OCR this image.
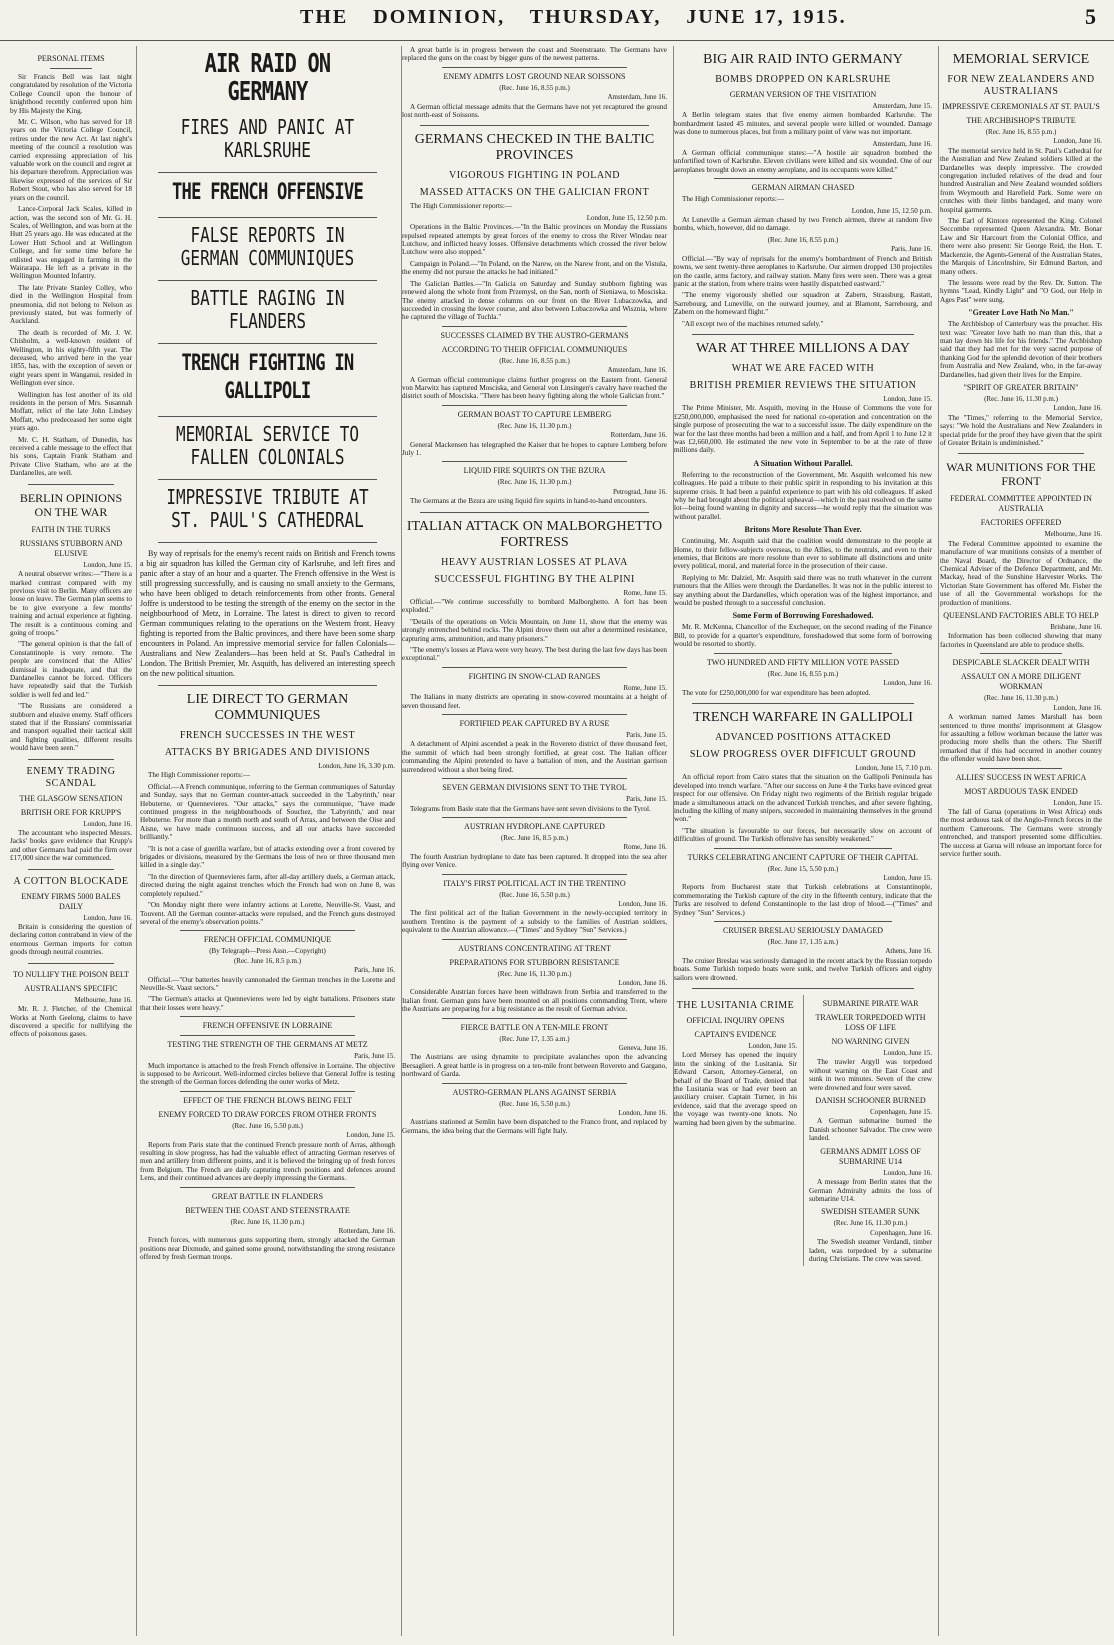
THE DOMINION, THURSDAY, JUNE 17, 1915.	5
PERSONAL ITEMS

Sir Francis Bell was last night congratulated by resolution of the Victoria College Council upon the honour of knighthood recently conferred upon him by His Majesty the King.

Mr. C. Wilson, who has served for 18 years on the Victoria College Council, retires under the new Act. At last night's meeting of the council a resolution was carried expressing appreciation of his valuable work on the council and regret at his departure therefrom. Appreciation was likewise expressed of the services of Sir Robert Stout, who has also served for 18 years on the council.

Lance-Corporal Jack Scales, killed in action, was the second son of Mr. G. H. Scales, of Wellington, and was born at the Hutt 25 years ago. He was educated at the Lower Hutt School and at Wellington College, and for some time before he enlisted was engaged in farming in the Wairarapa. He left as a private in the Wellington Mounted Infantry.

The late Private Stanley Colley, who died in the Wellington Hospital from pneumonia, did not belong to Nelson as previously stated, but was formerly of Auckland.

The death is recorded of Mr. J. W. Chisholm, a well-known resident of Wellington, in his eighty-fifth year. The deceased, who arrived here in the year 1855, has, with the exception of seven or eight years spent in Wanganui, resided in Wellington ever since.

Wellington has lost another of its old residents in the person of Mrs. Susannah Moffatt, relict of the late John Lindsey Moffatt, who predeceased her some eight years ago.

Mr. C. H. Statham, of Dunedin, has received a cable message to the effect that his sons, Captain Frank Statham and Private Clive Statham, who are at the Dardanelles, are well.

BERLIN OPINIONS ON THE WAR
FAITH IN THE TURKS
RUSSIANS STUBBORN AND ELUSIVE
London, June 15.

A neutral observer writes:—"There is a marked contrast compared with my previous visit to Berlin. Many officers are loose on leave. The German plan seems to be to give everyone a few months' training and actual experience at fighting. The result is a continuous coming and going of troops."

"The general opinion is that the fall of Constantinople is very remote. The people are convinced that the Allies' dismissal is inadequate, and that the Dardanelles cannot be forced. Officers have repeatedly said that the Turkish soldier is well fed and led."

"The Russians are considered a stubborn and elusive enemy. Staff officers stated that if the Russians' commissariat and transport equalled their tactical skill and fighting qualities, different results would have been seen."

ENEMY TRADING SCANDAL
THE GLASGOW SENSATION
BRITISH ORE FOR KRUPP'S
London, June 16.

The accountant who inspected Messrs. Jacks' books gave evidence that Krupp's and other Germans had paid the firm over £17,000 since the war commenced.

A COTTON BLOCKADE
ENEMY FIRMS 5000 BALES DAILY
London, June 16.

Britain is considering the question of declaring cotton contraband in view of the enormous German imports for cotton goods through neutral countries.

TO NULLIFY THE POISON BELT
AUSTRALIAN'S SPECIFIC
Melbourne, June 16.

Mr. R. J. Fletcher, of the Chemical Works at North Geelong, claims to have discovered a specific for nullifying the effects of poisonous gases.

AIR RAID ON GERMANY
FIRES AND PANIC AT KARLSRUHE
THE FRENCH OFFENSIVE
FALSE REPORTS IN GERMAN COMMUNIQUES
BATTLE RAGING IN FLANDERS
TRENCH FIGHTING IN GALLIPOLI
MEMORIAL SERVICE TO FALLEN COLONIALS
IMPRESSIVE TRIBUTE AT ST. PAUL'S CATHEDRAL

By way of reprisals for the enemy's recent raids on British and French towns a big air squadron has killed the German city of Karlsruhe, and left fires and panic after a stay of an hour and a quarter. The French offensive in the West is still progressing successfully, and is causing no small anxiety to the Germans, who have been obliged to detach reinforcements from other fronts. General Joffre is understood to be testing the strength of the enemy on the sector in the neighbourhood of Metz, in Lorraine. The latest is direct to given to record German communiques relating to the operations on the Western front. Heavy fighting is reported from the Baltic provinces, and there have been some sharp encounters in Poland. An impressive memorial service for fallen Colonials—Australians and New Zealanders—has been held at St. Paul's Cathedral in London. The British Premier, Mr. Asquith, has delivered an interesting speech on the new political situation.

LIE DIRECT TO GERMAN COMMUNIQUES
FRENCH SUCCESSES IN THE WEST
ATTACKS BY BRIGADES AND DIVISIONS
London, June 16, 3.30 p.m.

The High Commissioner reports:—

Official.—A French communique, referring to the German communiques of Saturday and Sunday, says that no German counter-attack succeeded in the 'Labyrinth,' near Hebuterne, or Quennevieres. "Our attacks," says the communique, "have made continued progress in the neighbourhoods of Souchez, the 'Labyrinth,' and near Hebuterne. For more than a month north and south of Arras, and between the Oise and Aisne, we have made continuous success, and all our attacks have succeeded brilliantly."

"It is not a case of guerilla warfare, but of attacks extending over a front covered by brigades or divisions, measured by the Germans the loss of two or three thousand men killed in a single day."

"In the direction of Quennevieres farm, after all-day artillery duels, a German attack, directed during the night against trenches which the French had won on June 8, was completely repulsed."

"On Monday night there were infantry actions at Lorette, Neuville-St. Vaast, and Touvent. All the German counter-attacks were repulsed, and the French guns destroyed several of the enemy's observation points."

FRENCH OFFICIAL COMMUNIQUE
(By Telegraph—Press Assn.—Copyright)
(Rec. June 16, 8.5 p.m.)
Paris, June 16.

Official.—"Our batteries heavily cannonaded the German trenches in the Lorette and Neuville-St. Vaast sectors."

"The German's attacks at Quennevieres were led by eight battalions. Prisoners state that their losses were heavy."

FRENCH OFFENSIVE IN LORRAINE
TESTING THE STRENGTH OF THE GERMANS AT METZ
Paris, June 15.

Much importance is attached to the fresh French offensive in Lorraine. The objective is supposed to be Avricourt. Well-informed circles believe that General Joffre is testing the strength of the German forces defending the outer works of Metz.

EFFECT OF THE FRENCH BLOWS BEING FELT
ENEMY FORCED TO DRAW FORCES FROM OTHER FRONTS
(Rec. June 16, 5.50 p.m.)
London, June 15.

Reports from Paris state that the continued French pressure north of Arras, although resulting in slow progress, has had the valuable effect of attracting German reserves of men and artillery from different points, and it is believed the bringing up of fresh forces from Belgium. The French are daily capturing trench positions and defences around Lens, and their continued advances are deeply impressing the Germans.

GREAT BATTLE IN FLANDERS
BETWEEN THE COAST AND STEENSTRAATE
(Rec. June 16, 11.30 p.m.)
Rotterdam, June 16.

French forces, with numerous guns supporting them, strongly attacked the German positions near Dixmude, and gained some ground, notwithstanding the strong resistance offered by fresh German troops.

A great battle is in progress between the coast and Steenstraate. The Germans have replaced the guns on the coast by bigger guns of the newest patterns.

ENEMY ADMITS LOST GROUND NEAR SOISSONS
(Rec. June 16, 8.55 p.m.)
Amsterdam, June 16.

A German official message admits that the Germans have not yet recaptured the ground lost north-east of Soissons.

GERMANS CHECKED IN THE BALTIC PROVINCES
VIGOROUS FIGHTING IN POLAND
MASSED ATTACKS ON THE GALICIAN FRONT

The High Commissioner reports:—

London, June 15, 12.50 p.m.

Operations in the Baltic Provinces.—"In the Baltic provinces on Monday the Russians repulsed repeated attempts by great forces of the enemy to cross the River Windau near Lutchow, and inflicted heavy losses. Offensive detachments which crossed the river below Lutchow were also stopped."

Campaign in Poland.—"In Poland, on the Narew, on the Narew front, and on the Vistula, the enemy did not pursue the attacks he had initiated."

The Galician Battles.—"In Galicia on Saturday and Sunday stubborn fighting was renewed along the whole front from Przemysl, on the San, north of Sieniawa, to Mosciska. The enemy attacked in dense columns on our front on the River Lubaczowka, and succeeded in crossing the lower course, and also between Lubaczowka and Wisznia, where he captured the village of Tuchla."

SUCCESSES CLAIMED BY THE AUSTRO-GERMANS
ACCORDING TO THEIR OFFICIAL COMMUNIQUES
(Rec. June 16, 8.55 p.m.)
Amsterdam, June 16.

A German official communique claims further progress on the Eastern front. General von Marwitz has captured Mosciska, and General von Linsingen's cavalry have reached the district south of Mosciska. "There has been heavy fighting along the whole Galician front."

GERMAN BOAST TO CAPTURE LEMBERG
(Rec. June 16, 11.30 p.m.)
Rotterdam, June 16.

General Mackensen has telegraphed the Kaiser that he hopes to capture Lemberg before July 1.

LIQUID FIRE SQUIRTS ON THE BZURA
(Rec. June 16, 11.30 p.m.)
Petrograd, June 16.

The Germans at the Bzura are using liquid fire squirts in hand-to-hand encounters.

ITALIAN ATTACK ON MALBORGHETTO FORTRESS
HEAVY AUSTRIAN LOSSES AT PLAVA
SUCCESSFUL FIGHTING BY THE ALPINI
Rome, June 15.

Official.—"We continue successfully to bombard Malborghetto. A fort has been exploded."

"Details of the operations on Velcis Mountain, on June 11, show that the enemy was strongly entrenched behind rocks. The Alpini drove them out after a determined resistance, capturing arms, ammunition, and many prisoners."

"The enemy's losses at Plava were very heavy. The best during the last few days has been exceptional."

FIGHTING IN SNOW-CLAD RANGES
Rome, June 15.

The Italians in many districts are operating in snow-covered mountains at a height of seven thousand feet.

FORTIFIED PEAK CAPTURED BY A RUSE
Paris, June 15.

A detachment of Alpini ascended a peak in the Rovereto district of three thousand feet, the summit of which had been strongly fortified, at great cost. The Italian officer commanding the Alpini pretended to have a battalion of men, and the Austrian garrison surrendered without a shot being fired.

SEVEN GERMAN DIVISIONS SENT TO THE TYROL
Paris, June 15.

Telegrams from Basle state that the Germans have sent seven divisions to the Tyrol.

AUSTRIAN HYDROPLANE CAPTURED
(Rec. June 16, 8.5 p.m.)
Rome, June 16.

The fourth Austrian hydroplane to date has been captured. It dropped into the sea after flying over Venice.

ITALY'S FIRST POLITICAL ACT IN THE TRENTINO
(Rec. June 16, 5.50 p.m.)
London, June 16.

The first political act of the Italian Government in the newly-occupied territory in southern Trentino is the payment of a subsidy to the families of Austrian soldiers, equivalent to the Austrian allowance.—("Times" and Sydney "Sun" Services.)

AUSTRIANS CONCENTRATING AT TRENT
PREPARATIONS FOR STUBBORN RESISTANCE
(Rec. June 16, 11.30 p.m.)
London, June 16.

Considerable Austrian forces have been withdrawn from Serbia and transferred to the Italian front. German guns have been mounted on all positions commanding Trent, where the Austrians are preparing for a big resistance as the result of German advice.

FIERCE BATTLE ON A TEN-MILE FRONT
(Rec. June 17, 1.35 a.m.)
Geneva, June 16.

The Austrians are using dynamite to precipitate avalanches upon the advancing Bersaglieri. A great battle is in progress on a ten-mile front between Rovereto and Gargano, northward of Garda.

AUSTRO-GERMAN PLANS AGAINST SERBIA
(Rec. June 16, 5.50 p.m.)
London, June 16.

Austrians stationed at Semlin have been dispatched to the Franco front, and replaced by Germans, the idea being that the Germans will fight Italy.

BIG AIR RAID INTO GERMANY
BOMBS DROPPED ON KARLSRUHE
GERMAN VERSION OF THE VISITATION
Amsterdam, June 15.

A Berlin telegram states that five enemy airmen bombarded Karlsruhe. The bombardment lasted 45 minutes, and several people were killed or wounded. Damage was done to numerous places, but from a military point of view was not important.

Amsterdam, June 16.

A German official communique states:—"A hostile air squadron bombed the unfortified town of Karlsruhe. Eleven civilians were killed and six wounded. One of our aeroplanes brought down an enemy aeroplane, and its occupants were killed."

GERMAN AIRMAN CHASED

The High Commissioner reports:—

London, June 15, 12.50 p.m.

At Luneville a German airman chased by two French airmen, threw at random five bombs, which, however, did no damage.

(Rec. June 16, 8.55 p.m.)
Paris, June 16.

Official.—"By way of reprisals for the enemy's bombardment of French and British towns, we sent twenty-three aeroplanes to Karlsruhe. Our airmen dropped 130 projectiles on the castle, arms factory, and railway station. Many fires were seen. There was a great panic at the station, from where trains were hastily dispatched eastward."

"The enemy vigorously shelled our squadron at Zabern, Strassburg, Rastatt, Sarrebourg, and Luneville, on the outward journey, and at Blamont, Sarrebourg, and Zabern on the homeward flight."

"All except two of the machines returned safely."

WAR AT THREE MILLIONS A DAY
WHAT WE ARE FACED WITH
BRITISH PREMIER REVIEWS THE SITUATION
London, June 15.

The Prime Minister, Mr. Asquith, moving in the House of Commons the vote for £250,000,000, emphasised the need for national co-operation and concentration on the single purpose of prosecuting the war to a successful issue. The daily expenditure on the war for the last three months had been a million and a half, and from April 1 to June 12 it was £2,660,000. He estimated the new vote in September to be at the rate of three millions daily.

A Situation Without Parallel.

Referring to the reconstruction of the Government, Mr. Asquith welcomed his new colleagues. He paid a tribute to their public spirit in responding to his invitation at this supreme crisis. It had been a painful experience to part with his old colleagues. If asked why he had brought about the political upheaval—which in the past resolved on the same lot—being found wanting in dignity and success—he would reply that the situation was without parallel.

Britons More Resolute Than Ever.

Continuing, Mr. Asquith said that the coalition would demonstrate to the people at Home, to their fellow-subjects overseas, to the Allies, to the neutrals, and even to their enemies, that Britons are more resolute than ever to sublimate all distinctions and unite every political, moral, and material force in the prosecution of their cause.

Replying to Mr. Dalziel, Mr. Asquith said there was no truth whatever in the current rumours that the Allies were through the Dardanelles. It was not in the public interest to say anything about the Dardanelles, which operation was of the highest importance, and would be pushed through to a successful conclusion.

Some Form of Borrowing Foreshadowed.

Mr. R. McKenna, Chancellor of the Exchequer, on the second reading of the Finance Bill, to provide for a quarter's expenditure, foreshadowed that some form of borrowing would be resorted to shortly.

TWO HUNDRED AND FIFTY MILLION VOTE PASSED
(Rec. June 16, 8.55 p.m.)
London, June 16.

The vote for £250,000,000 for war expenditure has been adopted.

TRENCH WARFARE IN GALLIPOLI
ADVANCED POSITIONS ATTACKED
SLOW PROGRESS OVER DIFFICULT GROUND
London, June 15, 7.10 p.m.

An official report from Cairo states that the situation on the Gallipoli Peninsula has developed into trench warfare. "After our success on June 4 the Turks have evinced great respect for our offensive. On Friday night two regiments of the British regular brigade made a simultaneous attack on the advanced Turkish trenches, and after severe fighting, including the killing of many snipers, succeeded in maintaining themselves in the ground won."

"The situation is favourable to our forces, but necessarily slow on account of difficulties of ground. The Turkish offensive has sensibly weakened."

TURKS CELEBRATING ANCIENT CAPTURE OF THEIR CAPITAL
(Rec. June 15, 5.50 p.m.)
London, June 15.

Reports from Bucharest state that Turkish celebrations at Constantinople, commemorating the Turkish capture of the city in the fifteenth century, indicate that the Turks are resolved to defend Constantinople to the last drop of blood.—("Times" and Sydney "Sun" Services.)

CRUISER BRESLAU SERIOUSLY DAMAGED
(Rec. June 17, 1.35 a.m.)
Athens, June 16.

The cruiser Breslau was seriously damaged in the recent attack by the Russian torpedo boats. Some Turkish torpedo boats were sunk, and twelve Turkish officers and eighty sailors were drowned.

THE LUSITANIA CRIME
OFFICIAL INQUIRY OPENS
CAPTAIN'S EVIDENCE
London, June 15.

Lord Mersey has opened the inquiry into the sinking of the Lusitania. Sir Edward Carson, Attorney-General, on behalf of the Board of Trade, denied that the Lusitania was or had ever been an auxiliary cruiser. Captain Turner, in his evidence, said that the average speed on the voyage was twenty-one knots. No warning had been given by the submarine.

SUBMARINE PIRATE WAR
TRAWLER TORPEDOED WITH LOSS OF LIFE
NO WARNING GIVEN
London, June 15.

The trawler Argyll was torpedoed without warning on the East Coast and sunk in two minutes. Seven of the crew were drowned and four were saved.

DANISH SCHOONER BURNED
Copenhagen, June 15.

A German submarine burned the Danish schooner Salvador. The crew were landed.

GERMANS ADMIT LOSS OF SUBMARINE U14
London, June 16.

A message from Berlin states that the German Admiralty admits the loss of submarine U14.

SWEDISH STEAMER SUNK
(Rec. June 16, 11.30 p.m.)
Copenhagen, June 16.

The Swedish steamer Verdandi, timber laden, was torpedoed by a submarine during Christians. The crew was saved.

MEMORIAL SERVICE
FOR NEW ZEALANDERS AND AUSTRALIANS
IMPRESSIVE CEREMONIALS AT ST. PAUL'S
THE ARCHBISHOP'S TRIBUTE
(Rec. June 16, 8.55 p.m.)
London, June 16.

The memorial service held in St. Paul's Cathedral for the Australian and New Zealand soldiers killed at the Dardanelles was deeply impressive. The crowded congregation included relatives of the dead and four hundred Australian and New Zealand wounded soldiers from Weymouth and Harefield Park. Some were on crutches with their limbs bandaged, and many wore hospital garments.

The Earl of Kintore represented the King. Colonel Seccombe represented Queen Alexandra. Mr. Bonar Law and Sir Harcourt from the Colonial Office, and there were also present: Sir George Reid, the Hon. T. Mackenzie, the Agents-General of the Australian States, the Marquis of Lincolnshire, Sir Edmund Barton, and many others.

The lessons were read by the Rev. Dr. Sutton. The hymns "Lead, Kindly Light" and "O God, our Help in Ages Past" were sung.

"Greater Love Hath No Man."

The Archbishop of Canterbury was the preacher. His text was: "Greater love hath no man than this, that a man lay down his life for his friends." The Archbishop said that they had met for the very sacred purpose of thanking God for the splendid devotion of their brothers from Australia and New Zealand, who, in the far-away Dardanelles, had given their lives for the Empire.

"SPIRIT OF GREATER BRITAIN"
(Rec. June 16, 11.30 p.m.)
London, June 16.

The "Times," referring to the Memorial Service, says: "We hold the Australians and New Zealanders in special pride for the proof they have given that the spirit of Greater Britain is undiminished."

WAR MUNITIONS FOR THE FRONT
FEDERAL COMMITTEE APPOINTED IN AUSTRALIA
FACTORIES OFFERED
Melbourne, June 16.

The Federal Committee appointed to examine the manufacture of war munitions consists of a member of the Naval Board, the Director of Ordnance, the Chemical Adviser of the Defence Department, and Mr. Mackay, head of the Sunshine Harvester Works. The Victorian State Government has offered Mr. Fisher the use of all the Governmental workshops for the production of munitions.

QUEENSLAND FACTORIES ABLE TO HELP
Brisbane, June 16.

Information has been collected showing that many factories in Queensland are able to produce shells.

DESPICABLE SLACKER DEALT WITH
ASSAULT ON A MORE DILIGENT WORKMAN
(Rec. June 16, 11.30 p.m.)
London, June 16.

A workman named James Marshall has been sentenced to three months' imprisonment at Glasgow for assaulting a fellow workman because the latter was producing more shells than the others. The Sheriff remarked that if this had occurred in another country the offender would have been shot.

ALLIES' SUCCESS IN WEST AFRICA
MOST ARDUOUS TASK ENDED
London, June 15.

The fall of Garua (operations in West Africa) ends the most arduous task of the Anglo-French forces in the northern Cameroons. The Germans were strongly entrenched, and transport presented some difficulties. The success at Garua will release an important force for service further south.
